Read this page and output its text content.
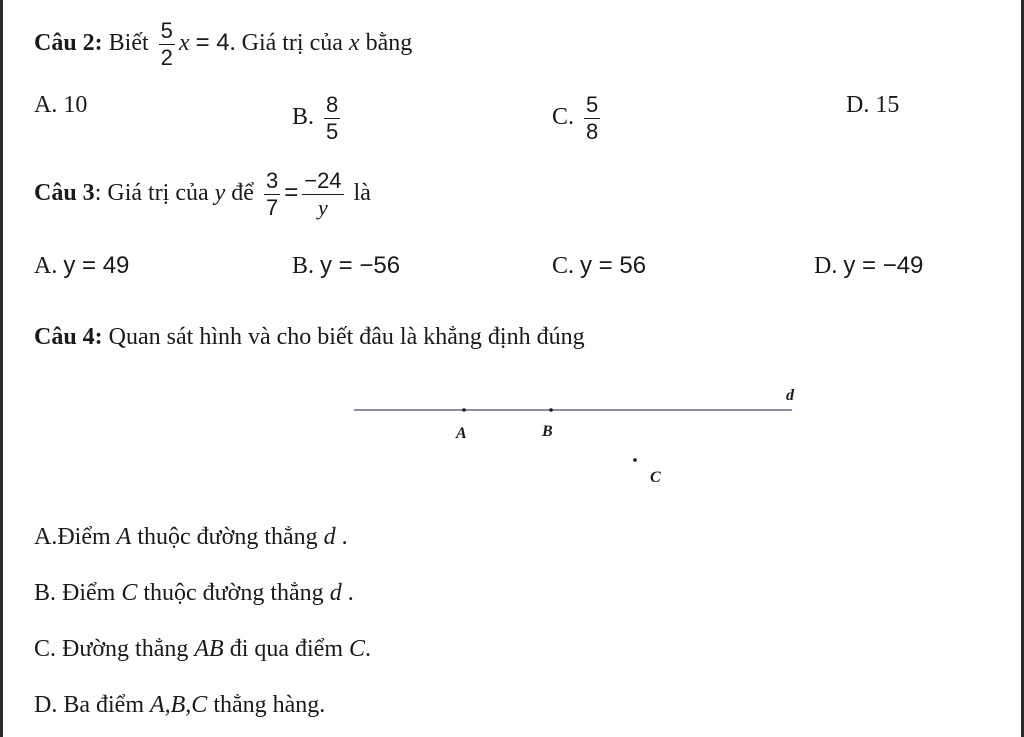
Câu 2: Biết $\frac{5}{2}$ x = 4. Giá trị của x bằng
A. 10	B. $\frac{8}{5}$	C. $\frac{5}{8}$	D. 15
Câu 3: Giá trị của y để $\frac{3}{7} = \frac{-24}{y}$ là
A. y = 49	B. y = −56	C. y = 56	D. y = −49
Câu 4: Quan sát hình và cho biết đâu là khẳng định đúng
d
A	B
C
A.Điểm A thuộc đường thẳng d .
B. Điểm C thuộc đường thẳng d .
C. Đường thẳng AB đi qua điểm C.
D. Ba điểm A,B,C thẳng hàng.
